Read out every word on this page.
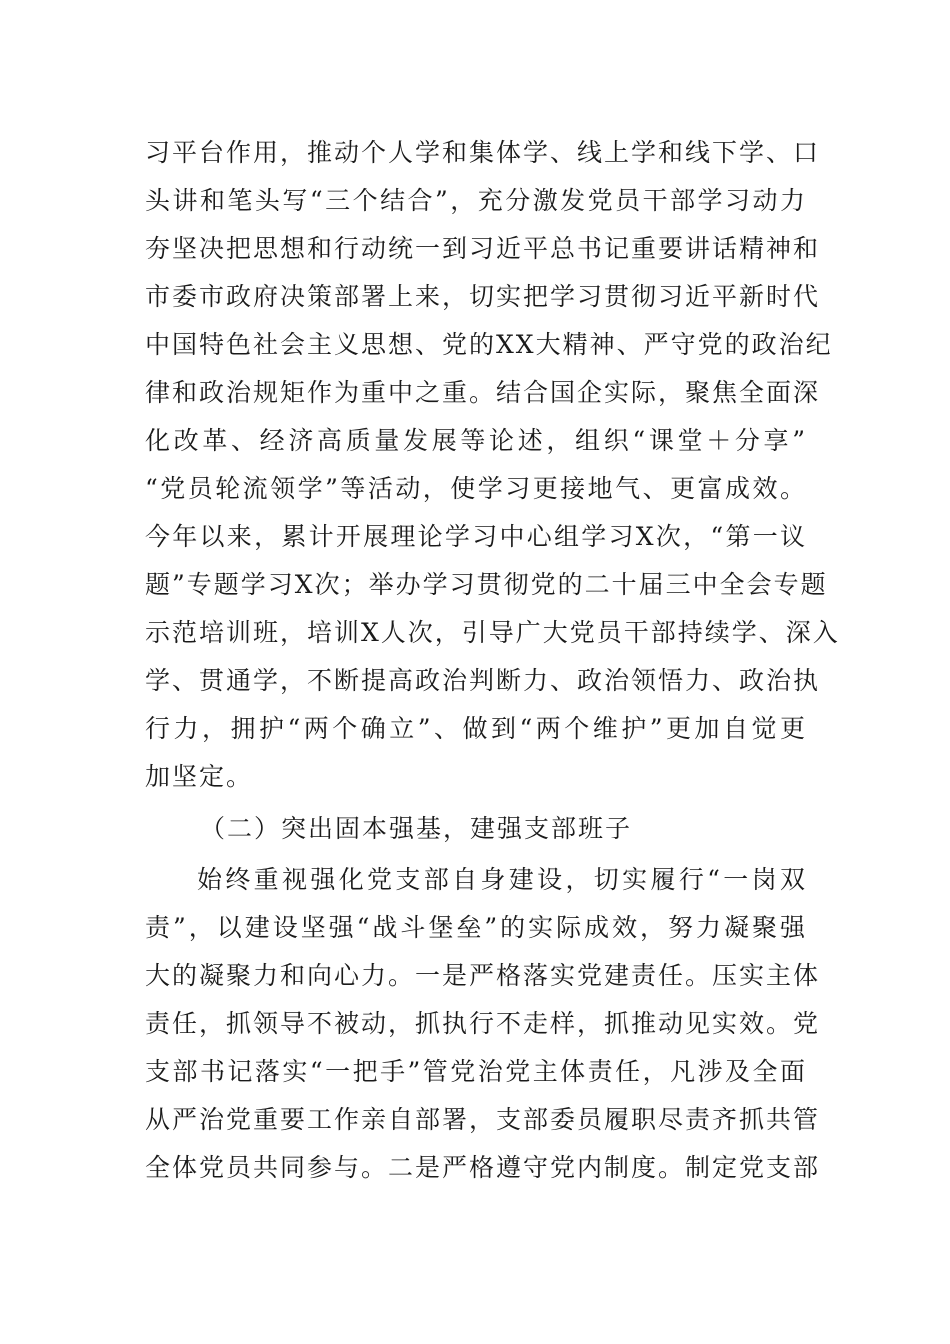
习平台作用，推动个人学和集体学、线上学和线下学、口
头讲和笔头写“三个结合”，充分激发党员干部学习动力
夯坚决把思想和行动统一到习近平总书记重要讲话精神和
市委市政府决策部署上来，切实把学习贯彻习近平新时代
中国特色社会主义思想、党的XX大精神、严守党的政治纪
律和政治规矩作为重中之重。结合国企实际，聚焦全面深
化改革、经济高质量发展等论述，组织“课堂＋分享”
“党员轮流领学”等活动，使学习更接地气、更富成效。
今年以来，累计开展理论学习中心组学习X次，“第一议
题”专题学习X次；举办学习贯彻党的二十届三中全会专题
示范培训班，培训X人次，引导广大党员干部持续学、深入
学、贯通学，不断提高政治判断力、政治领悟力、政治执
行力，拥护“两个确立”、做到“两个维护”更加自觉更
加坚定。
（二）突出固本强基，建强支部班子
始终重视强化党支部自身建设，切实履行“一岗双
责”，以建设坚强“战斗堡垒”的实际成效，努力凝聚强
大的凝聚力和向心力。一是严格落实党建责任。压实主体
责任，抓领导不被动，抓执行不走样，抓推动见实效。党
支部书记落实“一把手”管党治党主体责任，凡涉及全面
从严治党重要工作亲自部署，支部委员履职尽责齐抓共管
全体党员共同参与。二是严格遵守党内制度。制定党支部
